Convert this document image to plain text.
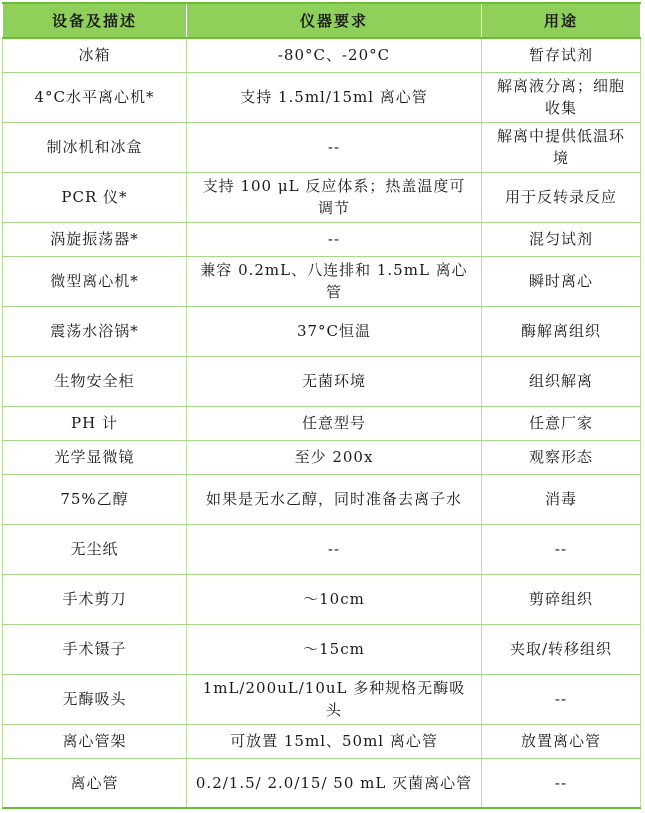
设备及描述	仪器要求	用途
冰箱	-80°C、-20°C	暂存试剂
4°C水平离心机*	支持 1.5ml/15ml 离心管	解离液分离；细胞收集
制冰机和冰盒	--	解离中提供低温环境
PCR 仪*	支持 100 μL 反应体系；热盖温度可调节	用于反转录反应
涡旋振荡器*	--	混匀试剂
微型离心机*	兼容 0.2mL、八连排和 1.5mL 离心管	瞬时离心
震荡水浴锅*	37°C恒温	酶解离组织
生物安全柜	无菌环境	组织解离
PH 计	任意型号	任意厂家
光学显微镜	至少 200x	观察形态
75%乙醇	如果是无水乙醇，同时准备去离子水	消毒
无尘纸	--	--
手术剪刀	～10cm	剪碎组织
手术镊子	～15cm	夹取/转移组织
无酶吸头	1mL/200uL/10uL 多种规格无酶吸头	--
离心管架	可放置 15ml、50ml 离心管	放置离心管
离心管	0.2/1.5/ 2.0/15/ 50 mL 灭菌离心管	--
